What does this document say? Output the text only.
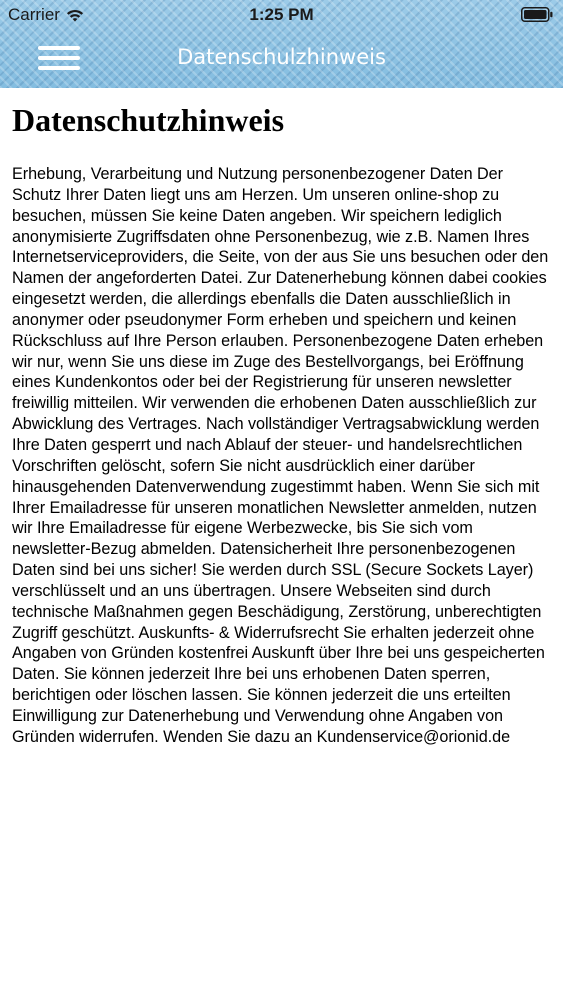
Carrier	1:25 PM
Datenschulzhinweis
Datenschutzhinweis

Erhebung, Verarbeitung und Nutzung personenbezogener Daten Der Schutz Ihrer Daten liegt uns am Herzen. Um unseren online-shop zu besuchen, müssen Sie keine Daten angeben. Wir speichern lediglich anonymisierte Zugriffsdaten ohne Personenbezug, wie z.B. Namen Ihres Internetserviceproviders, die Seite, von der aus Sie uns besuchen oder den Namen der angeforderten Datei. Zur Datenerhebung können dabei cookies eingesetzt werden, die allerdings ebenfalls die Daten ausschließlich in anonymer oder pseudonymer Form erheben und speichern und keinen Rückschluss auf Ihre Person erlauben. Personenbezogene Daten erheben wir nur, wenn Sie uns diese im Zuge des Bestellvorgangs, bei Eröffnung eines Kundenkontos oder bei der Registrierung für unseren newsletter freiwillig mitteilen. Wir verwenden die erhobenen Daten ausschließlich zur Abwicklung des Vertrages. Nach vollständiger Vertragsabwicklung werden Ihre Daten gesperrt und nach Ablauf der steuer- und handelsrechtlichen Vorschriften gelöscht, sofern Sie nicht ausdrücklich einer darüber hinausgehenden Datenverwendung zugestimmt haben. Wenn Sie sich mit Ihrer Emailadresse für unseren monatlichen Newsletter anmelden, nutzen wir Ihre Emailadresse für eigene Werbezwecke, bis Sie sich vom newsletter-Bezug abmelden. Datensicherheit Ihre personenbezogenen Daten sind bei uns sicher! Sie werden durch SSL (Secure Sockets Layer) verschlüsselt und an uns übertragen. Unsere Webseiten sind durch technische Maßnahmen gegen Beschädigung, Zerstörung, unberechtigten Zugriff geschützt. Auskunfts- & Widerrufsrecht Sie erhalten jederzeit ohne Angaben von Gründen kostenfrei Auskunft über Ihre bei uns gespeicherten Daten. Sie können jederzeit Ihre bei uns erhobenen Daten sperren, berichtigen oder löschen lassen. Sie können jederzeit die uns erteilten Einwilligung zur Datenerhebung und Verwendung ohne Angaben von Gründen widerrufen. Wenden Sie dazu an Kundenservice@orionid.de
